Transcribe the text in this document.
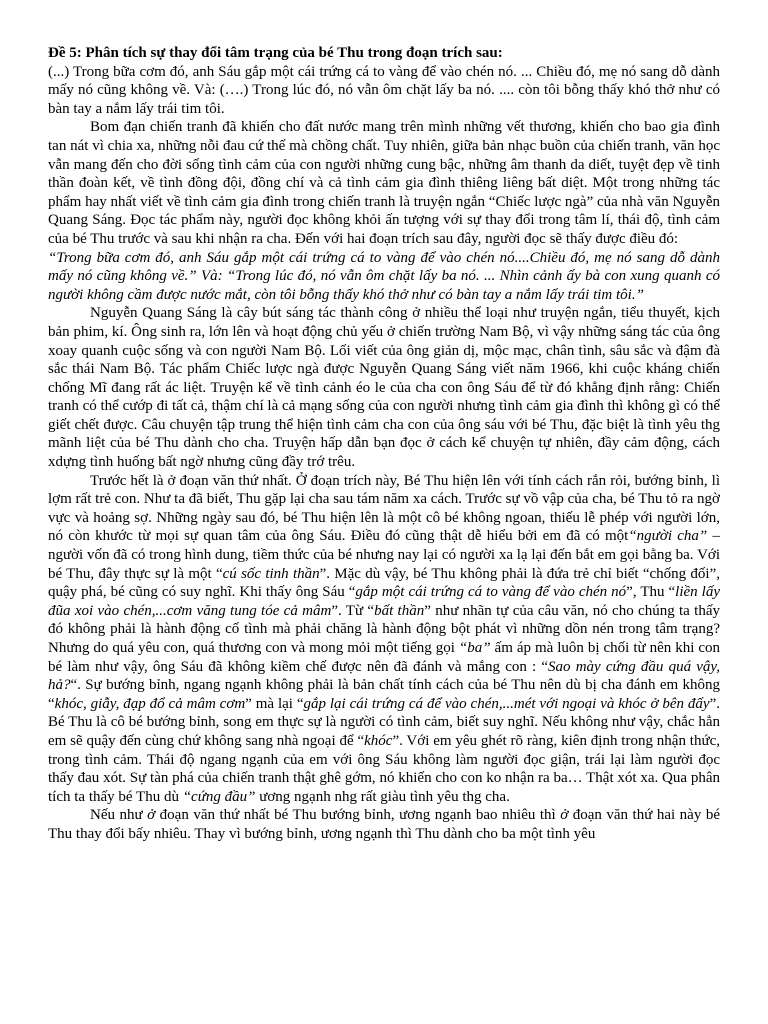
Đề 5: Phân tích sự thay đổi tâm trạng của bé Thu trong đoạn trích sau:

(...) Trong bữa cơm đó, anh Sáu gắp một cái trứng cá to vàng để vào chén nó. ... Chiều đó, mẹ nó sang dỗ dành mấy nó cũng không về. Và: (….) Trong lúc đó, nó vẫn ôm chặt lấy ba nó. .... còn tôi bỗng thấy khó thở như có bàn tay a nắm lấy trái tim tôi.

Bom đạn chiến tranh đã khiến cho đất nước mang trên mình những vết thương, khiến cho bao gia đình tan nát vì chia xa, những nỗi đau cứ thế mà chồng chất. Tuy nhiên, giữa bản nhạc buồn của chiến tranh, văn học vẫn mang đến cho đời sống tình cảm của con người những cung bậc, những âm thanh da diết, tuyệt đẹp về tinh thần đoàn kết, về tình đồng đội, đồng chí và cả tình cảm gia đình thiêng liêng bất diệt. Một trong những tác phẩm hay nhất viết về tình cảm gia đình trong chiến tranh là truyện ngắn “Chiếc lược ngà” của nhà văn Nguyễn Quang Sáng. Đọc tác phẩm này, người đọc không khỏi ấn tượng với sự thay đổi trong tâm lí, thái độ, tình cảm của bé Thu trước và sau khi nhận ra cha. Đến với hai đoạn trích sau đây, người đọc sẽ thấy được điều đó:

“Trong bữa cơm đó, anh Sáu gắp một cái trứng cá to vàng để vào chén nó....Chiều đó, mẹ nó sang dỗ dành mấy nó cũng không về.” Và: “Trong lúc đó, nó vẫn ôm chặt lấy ba nó. ... Nhìn cảnh ấy bà con xung quanh có người không cầm được nước mắt, còn tôi bỗng thấy khó thở như có bàn tay a nắm lấy trái tim tôi.”

Nguyễn Quang Sáng là cây bút sáng tác thành công ở nhiều thể loại như truyện ngắn, tiểu thuyết, kịch bản phim, kí. Ông sinh ra, lớn lên và hoạt động chủ yếu ở chiến trường Nam Bộ, vì vậy những sáng tác của ông xoay quanh cuộc sống và con người Nam Bộ. Lối viết của ông giản dị, mộc mạc, chân tình, sâu sắc và đậm đà sắc thái Nam Bộ. Tác phẩm Chiếc lược ngà được Nguyễn Quang Sáng viết năm 1966, khi cuộc kháng chiến chống Mĩ đang rất ác liệt. Truyện kể về tình cảnh éo le của cha con ông Sáu để từ đó khẳng định rằng: Chiến tranh có thể cướp đi tất cả, thậm chí là cả mạng sống của con người nhưng tình cảm gia đình thì không gì có thể giết chết được. Câu chuyện tập trung thể hiện tình cảm cha con của ông sáu với bé Thu, đặc biệt là tình yêu thg mãnh liệt của bé Thu dành cho cha. Truyện hấp dẫn bạn đọc ở cách kể chuyện tự nhiên, đầy cảm động, cách xdựng tình huống bất ngờ nhưng cũng đầy trớ trêu.

Trước hết là ở đoạn văn thứ nhất. Ở đoạn trích này, Bé Thu hiện lên với tính cách rắn rỏi, bướng bỉnh, lì lợm rất trẻ con. Như ta đã biết, Thu gặp lại cha sau tám năm xa cách. Trước sự vồ vập của cha, bé Thu tỏ ra ngờ vực và hoảng sợ. Những ngày sau đó, bé Thu hiện lên là một cô bé không ngoan, thiếu lễ phép với người lớn, nó còn khước từ mọi sự quan tâm của ông Sáu. Điều đó cũng thật dễ hiểu bởi em đã có một“người cha” – người vốn đã có trong hình dung, tiềm thức của bé nhưng nay lại có người xa lạ lại đến bắt em gọi bằng ba. Với bé Thu, đây thực sự là một “cú sốc tinh thần”. Mặc dù vậy, bé Thu không phải là đứa trẻ chỉ biết “chống đối”, quậy phá, bé cũng có suy nghĩ. Khi thấy ông Sáu “gắp một cái trứng cá to vàng để vào chén nó”, Thu “liền lấy đũa xoi vào chén,...cơm văng tung tóe cả mâm”. Từ “bất thần” như nhãn tự của câu văn, nó cho chúng ta thấy đó không phải là hành động cố tình mà phải chăng là hành động bột phát vì những dồn nén trong tâm trạng? Nhưng do quá yêu con, quá thương con và mong mỏi một tiếng gọi “ba” ấm áp mà luôn bị chối từ nên khi con bé làm như vậy, ông Sáu đã không kiềm chế được nên đã đánh và mắng con : “Sao mày cứng đầu quá vậy, hả?“. Sự bướng bỉnh, ngang ngạnh không phải là bản chất tính cách của bé Thu nên dù bị cha đánh em không “khóc, giẫy, đạp đổ cả mâm cơm” mà lại “gắp lại cái trứng cá để vào chén,...mét với ngoại và khóc ở bên đấy”. Bé Thu là cô bé bướng bỉnh, song em thực sự là người có tình cảm, biết suy nghĩ. Nếu không như vậy, chắc hẳn em sẽ quậy đến cùng chứ không sang nhà ngoại để “khóc”. Với em yêu ghét rõ ràng, kiên định trong nhận thức, trong tình cảm. Thái độ ngang ngạnh của em với ông Sáu không làm người đọc giận, trái lại làm người đọc thấy đau xót. Sự tàn phá của chiến tranh thật ghê gớm, nó khiến cho con ko nhận ra ba… Thật xót xa. Qua phân tích ta thấy bé Thu dù “cứng đầu” ương ngạnh nhg rất giàu tình yêu thg cha.

Nếu như ở đoạn văn thứ nhất bé Thu bướng bỉnh, ương ngạnh bao nhiêu thì ở đoạn văn thứ hai này bé Thu thay đổi bấy nhiêu. Thay vì bướng bỉnh, ương ngạnh thì Thu dành cho ba một tình yêu
